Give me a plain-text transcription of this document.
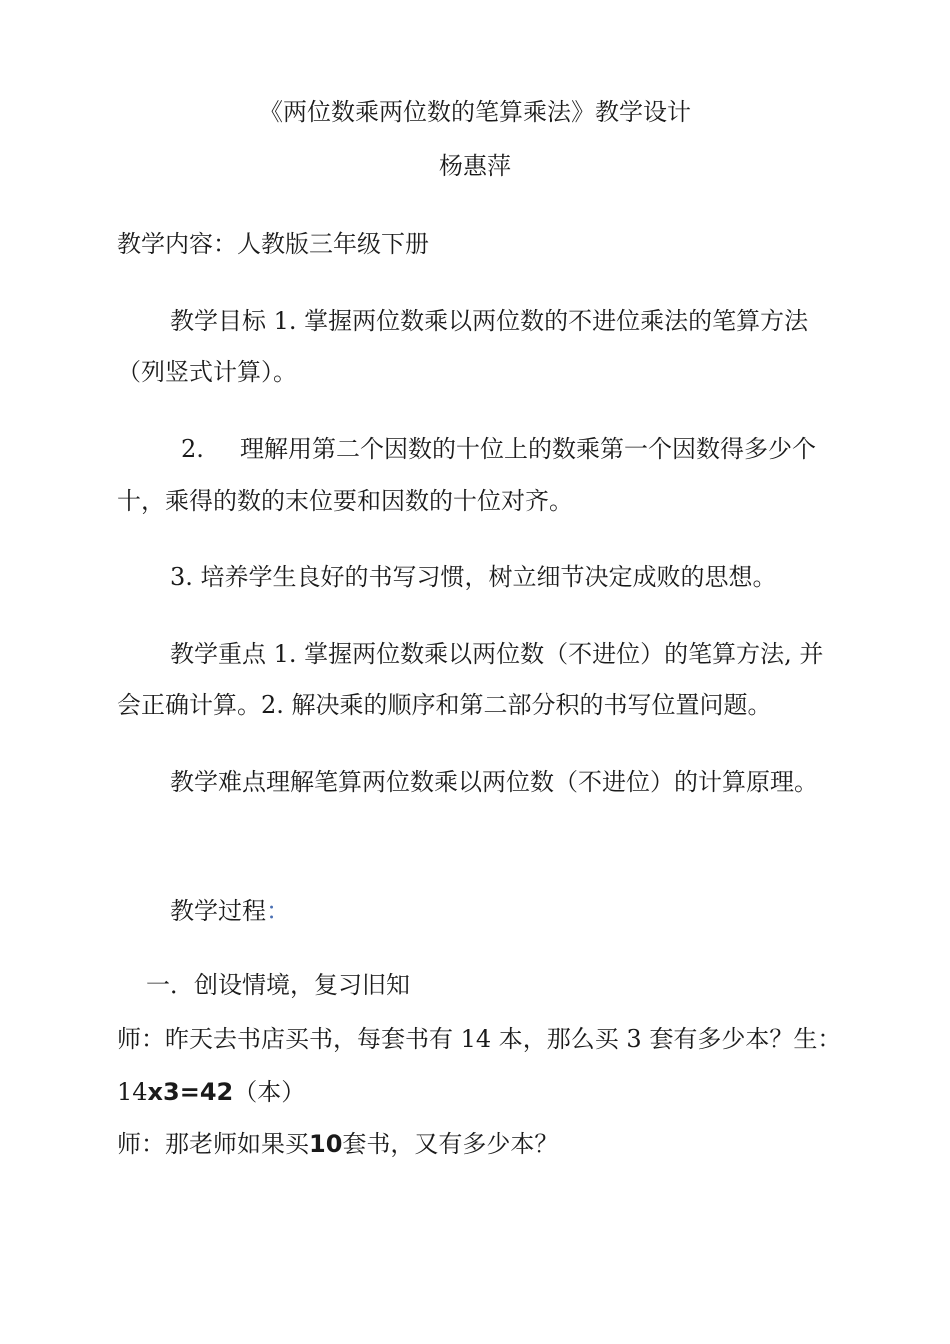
《两位数乘两位数的笔算乘法》教学设计
杨惠萍
教学内容：人教版三年级下册
教学目标 1. 掌握两位数乘以两位数的不进位乘法的笔算方法
（列竖式计算）。
2. 理解用第二个因数的十位上的数乘第一个因数得多少个
十，乘得的数的末位要和因数的十位对齐。
3. 培养学生良好的书写习惯，树立细节决定成败的思想。
教学重点 1. 掌握两位数乘以两位数（不进位）的笔算方法, 并
会正确计算。2. 解决乘的顺序和第二部分积的书写位置问题。
教学难点理解笔算两位数乘以两位数（不进位）的计算原理。
教学过程：
一．创设情境，复习旧知
师：昨天去书店买书，每套书有 14 本，那么买 3 套有多少本？生：
14x3=42（本）
师：那老师如果买10套书，又有多少本？
